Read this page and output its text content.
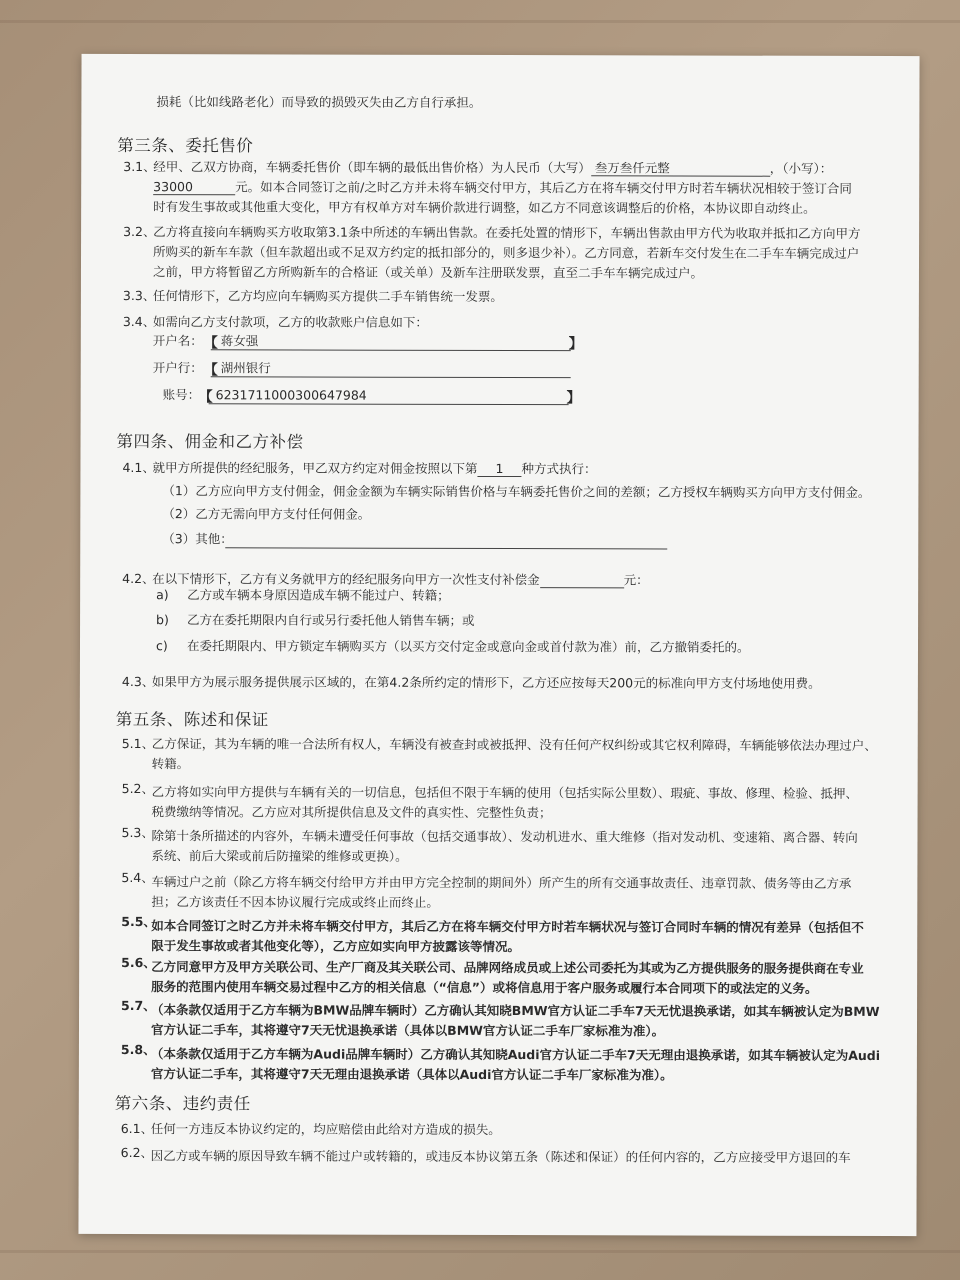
损耗（比如线路老化）而导致的损毁灭失由乙方自行承担。
第三条、委托售价
3.1、
经甲、乙双方协商，车辆委托售价（即车辆的最低出售价格）为人民币（大写） 叁万叁仟元整	，（小写）：
33000	元。如本合同签订之前/之时乙方并未将车辆交付甲方，其后乙方在将车辆交付甲方时若车辆状况相较于签订合同
时有发生事故或其他重大变化，甲方有权单方对车辆价款进行调整，如乙方不同意该调整后的价格，本协议即自动终止。
3.2、
乙方将直接向车辆购买方收取第3.1条中所述的车辆出售款。在委托处置的情形下，车辆出售款由甲方代为收取并抵扣乙方向甲方
所购买的新车车款（但车款超出或不足双方约定的抵扣部分的，则多退少补）。乙方同意，若新车交付发生在二手车车辆完成过户
之前，甲方将暂留乙方所购新车的合格证（或关单）及新车注册联发票，直至二手车车辆完成过户。
3.3、
任何情形下，乙方均应向车辆购买方提供二手车销售统一发票。
3.4、
如需向乙方支付款项，乙方的收款账户信息如下：
开户名： 【 蒋女强	】
开户行： 【 湖州银行
账号：
【 6231711000300647984	】
第四条、佣金和乙方补偿
4.1、
就甲方所提供的经纪服务，甲乙双方约定对佣金按照以下第 1 种方式执行：
（1）乙方应向甲方支付佣金，佣金金额为车辆实际销售价格与车辆委托售价之间的差额；乙方授权车辆购买方向甲方支付佣金。
（2）乙方无需向甲方支付任何佣金。
（3）其他：
4.2、
在以下情形下，乙方有义务就甲方的经纪服务向甲方一次性支付补偿金	元：
a) 乙方或车辆本身原因造成车辆不能过户、转籍；
b) 乙方在委托期限内自行或另行委托他人销售车辆；或
c) 在委托期限内、甲方锁定车辆购买方（以买方交付定金或意向金或首付款为准）前，乙方撤销委托的。
4.3、
如果甲方为展示服务提供展示区域的，在第4.2条所约定的情形下，乙方还应按每天200元的标准向甲方支付场地使用费。
第五条、陈述和保证
5.1、
乙方保证，其为车辆的唯一合法所有权人，车辆没有被查封或被抵押、没有任何产权纠纷或其它权利障碍，车辆能够依法办理过户、
转籍。
5.2、
乙方将如实向甲方提供与车辆有关的一切信息，包括但不限于车辆的使用（包括实际公里数）、瑕疵、事故、修理、检验、抵押、
税费缴纳等情况。乙方应对其所提供信息及文件的真实性、完整性负责；
5.3、
除第十条所描述的内容外，车辆未遭受任何事故（包括交通事故）、发动机进水、重大维修（指对发动机、变速箱、离合器、转向
系统、前后大梁或前后防撞梁的维修或更换）。
5.4、
车辆过户之前（除乙方将车辆交付给甲方并由甲方完全控制的期间外）所产生的所有交通事故责任、违章罚款、债务等由乙方承
担；乙方该责任不因本协议履行完成或终止而终止。
5.5、
如本合同签订之时乙方并未将车辆交付甲方，其后乙方在将车辆交付甲方时若车辆状况与签订合同时车辆的情况有差异（包括但不
限于发生事故或者其他变化等），乙方应如实向甲方披露该等情况。
5.6、
乙方同意甲方及甲方关联公司、生产厂商及其关联公司、品牌网络成员或上述公司委托为其或为乙方提供服务的服务提供商在专业
服务的范围内使用车辆交易过程中乙方的相关信息（“信息”）或将信息用于客户服务或履行本合同项下的或法定的义务。
5.7、
（本条款仅适用于乙方车辆为BMW品牌车辆时）乙方确认其知晓BMW官方认证二手车7天无忧退换承诺，如其车辆被认定为BMW
官方认证二手车，其将遵守7天无忧退换承诺（具体以BMW官方认证二手车厂家标准为准）。
5.8、
（本条款仅适用于乙方车辆为Audi品牌车辆时）乙方确认其知晓Audi官方认证二手车7天无理由退换承诺，如其车辆被认定为Audi
官方认证二手车，其将遵守7天无理由退换承诺（具体以Audi官方认证二手车厂家标准为准）。
第六条、违约责任
6.1、
任何一方违反本协议约定的，均应赔偿由此给对方造成的损失。
6.2、
因乙方或车辆的原因导致车辆不能过户或转籍的，或违反本协议第五条（陈述和保证）的任何内容的，乙方应接受甲方退回的车
